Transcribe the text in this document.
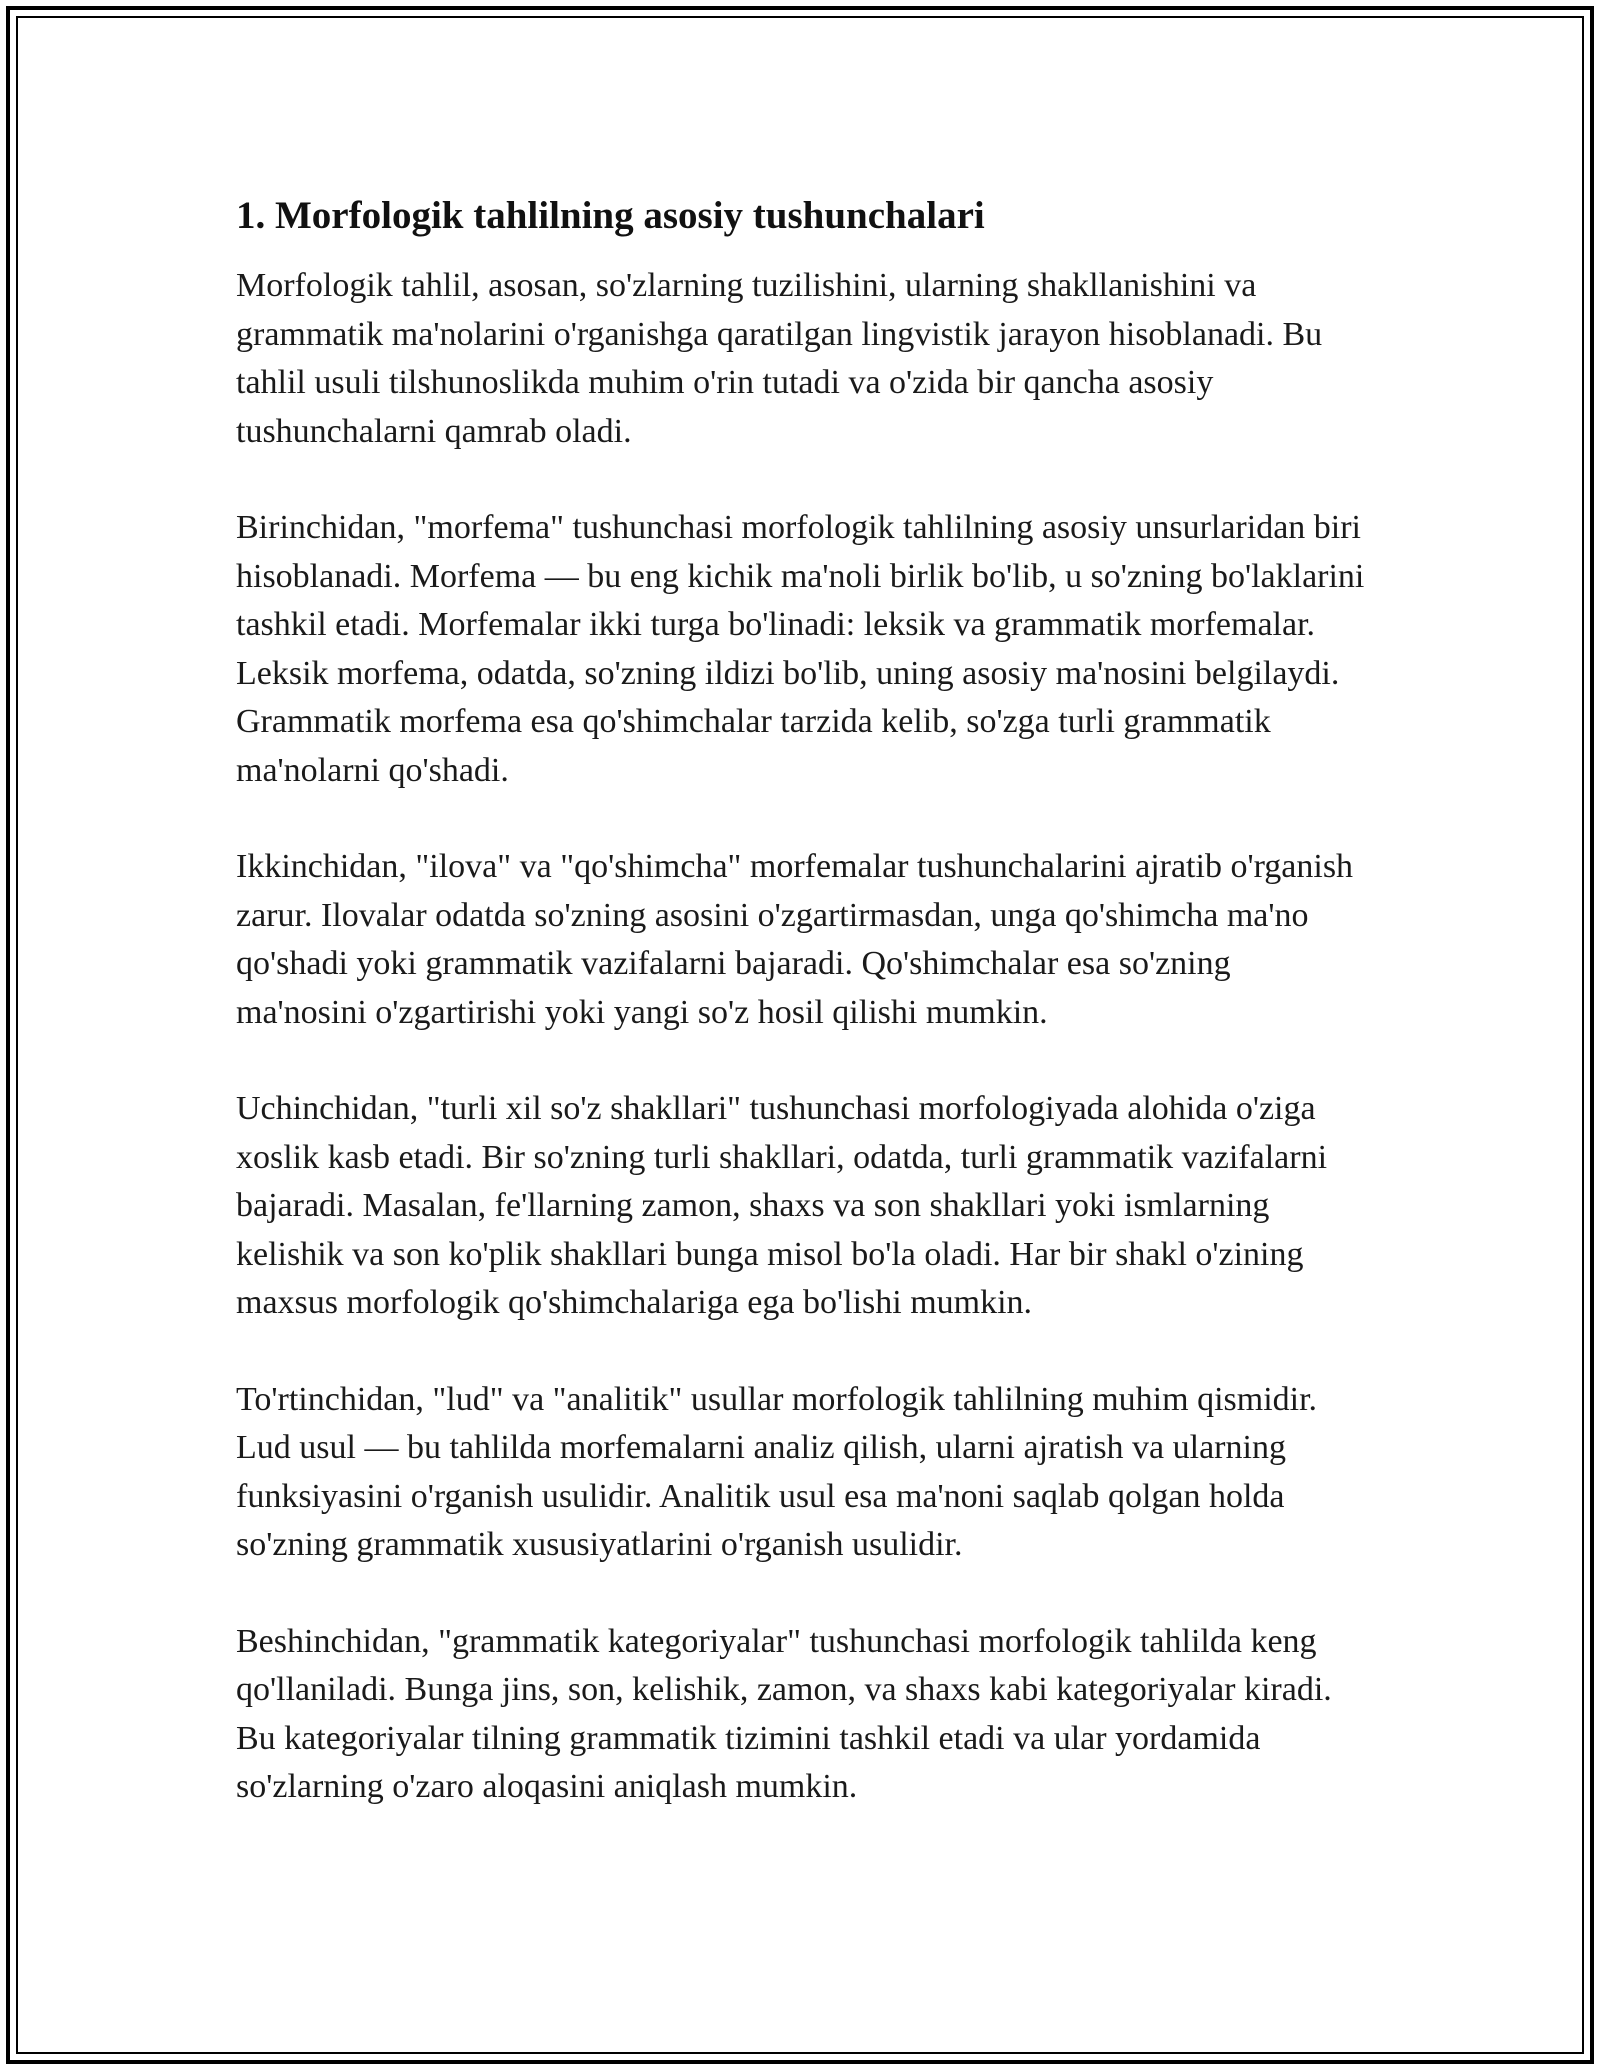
1. Morfologik tahlilning asosiy tushunchalari

Morfologik tahlil, asosan, so'zlarning tuzilishini, ularning shakllanishini va grammatik ma'nolarini o'rganishga qaratilgan lingvistik jarayon hisoblanadi. Bu tahlil usuli tilshunoslikda muhim o'rin tutadi va o'zida bir qancha asosiy tushunchalarni qamrab oladi.

Birinchidan, "morfema" tushunchasi morfologik tahlilning asosiy unsurlaridan biri hisoblanadi. Morfema — bu eng kichik ma'noli birlik bo'lib, u so'zning bo'laklarini tashkil etadi. Morfemalar ikki turga bo'linadi: leksik va grammatik morfemalar. Leksik morfema, odatda, so'zning ildizi bo'lib, uning asosiy ma'nosini belgilaydi. Grammatik morfema esa qo'shimchalar tarzida kelib, so'zga turli grammatik ma'nolarni qo'shadi.

Ikkinchidan, "ilova" va "qo'shimcha" morfemalar tushunchalarini ajratib o'rganish zarur. Ilovalar odatda so'zning asosini o'zgartirmasdan, unga qo'shimcha ma'no qo'shadi yoki grammatik vazifalarni bajaradi. Qo'shimchalar esa so'zning ma'nosini o'zgartirishi yoki yangi so'z hosil qilishi mumkin.

Uchinchidan, "turli xil so'z shakllari" tushunchasi morfologiyada alohida o'ziga xoslik kasb etadi. Bir so'zning turli shakllari, odatda, turli grammatik vazifalarni bajaradi. Masalan, fe'llarning zamon, shaxs va son shakllari yoki ismlarning kelishik va son ko'plik shakllari bunga misol bo'la oladi. Har bir shakl o'zining maxsus morfologik qo'shimchalariga ega bo'lishi mumkin.

To'rtinchidan, "lud" va "analitik" usullar morfologik tahlilning muhim qismidir. Lud usul — bu tahlilda morfemalarni analiz qilish, ularni ajratish va ularning funksiyasini o'rganish usulidir. Analitik usul esa ma'noni saqlab qolgan holda so'zning grammatik xususiyatlarini o'rganish usulidir.

Beshinchidan, "grammatik kategoriyalar" tushunchasi morfologik tahlilda keng qo'llaniladi. Bunga jins, son, kelishik, zamon, va shaxs kabi kategoriyalar kiradi. Bu kategoriyalar tilning grammatik tizimini tashkil etadi va ular yordamida so'zlarning o'zaro aloqasini aniqlash mumkin.
